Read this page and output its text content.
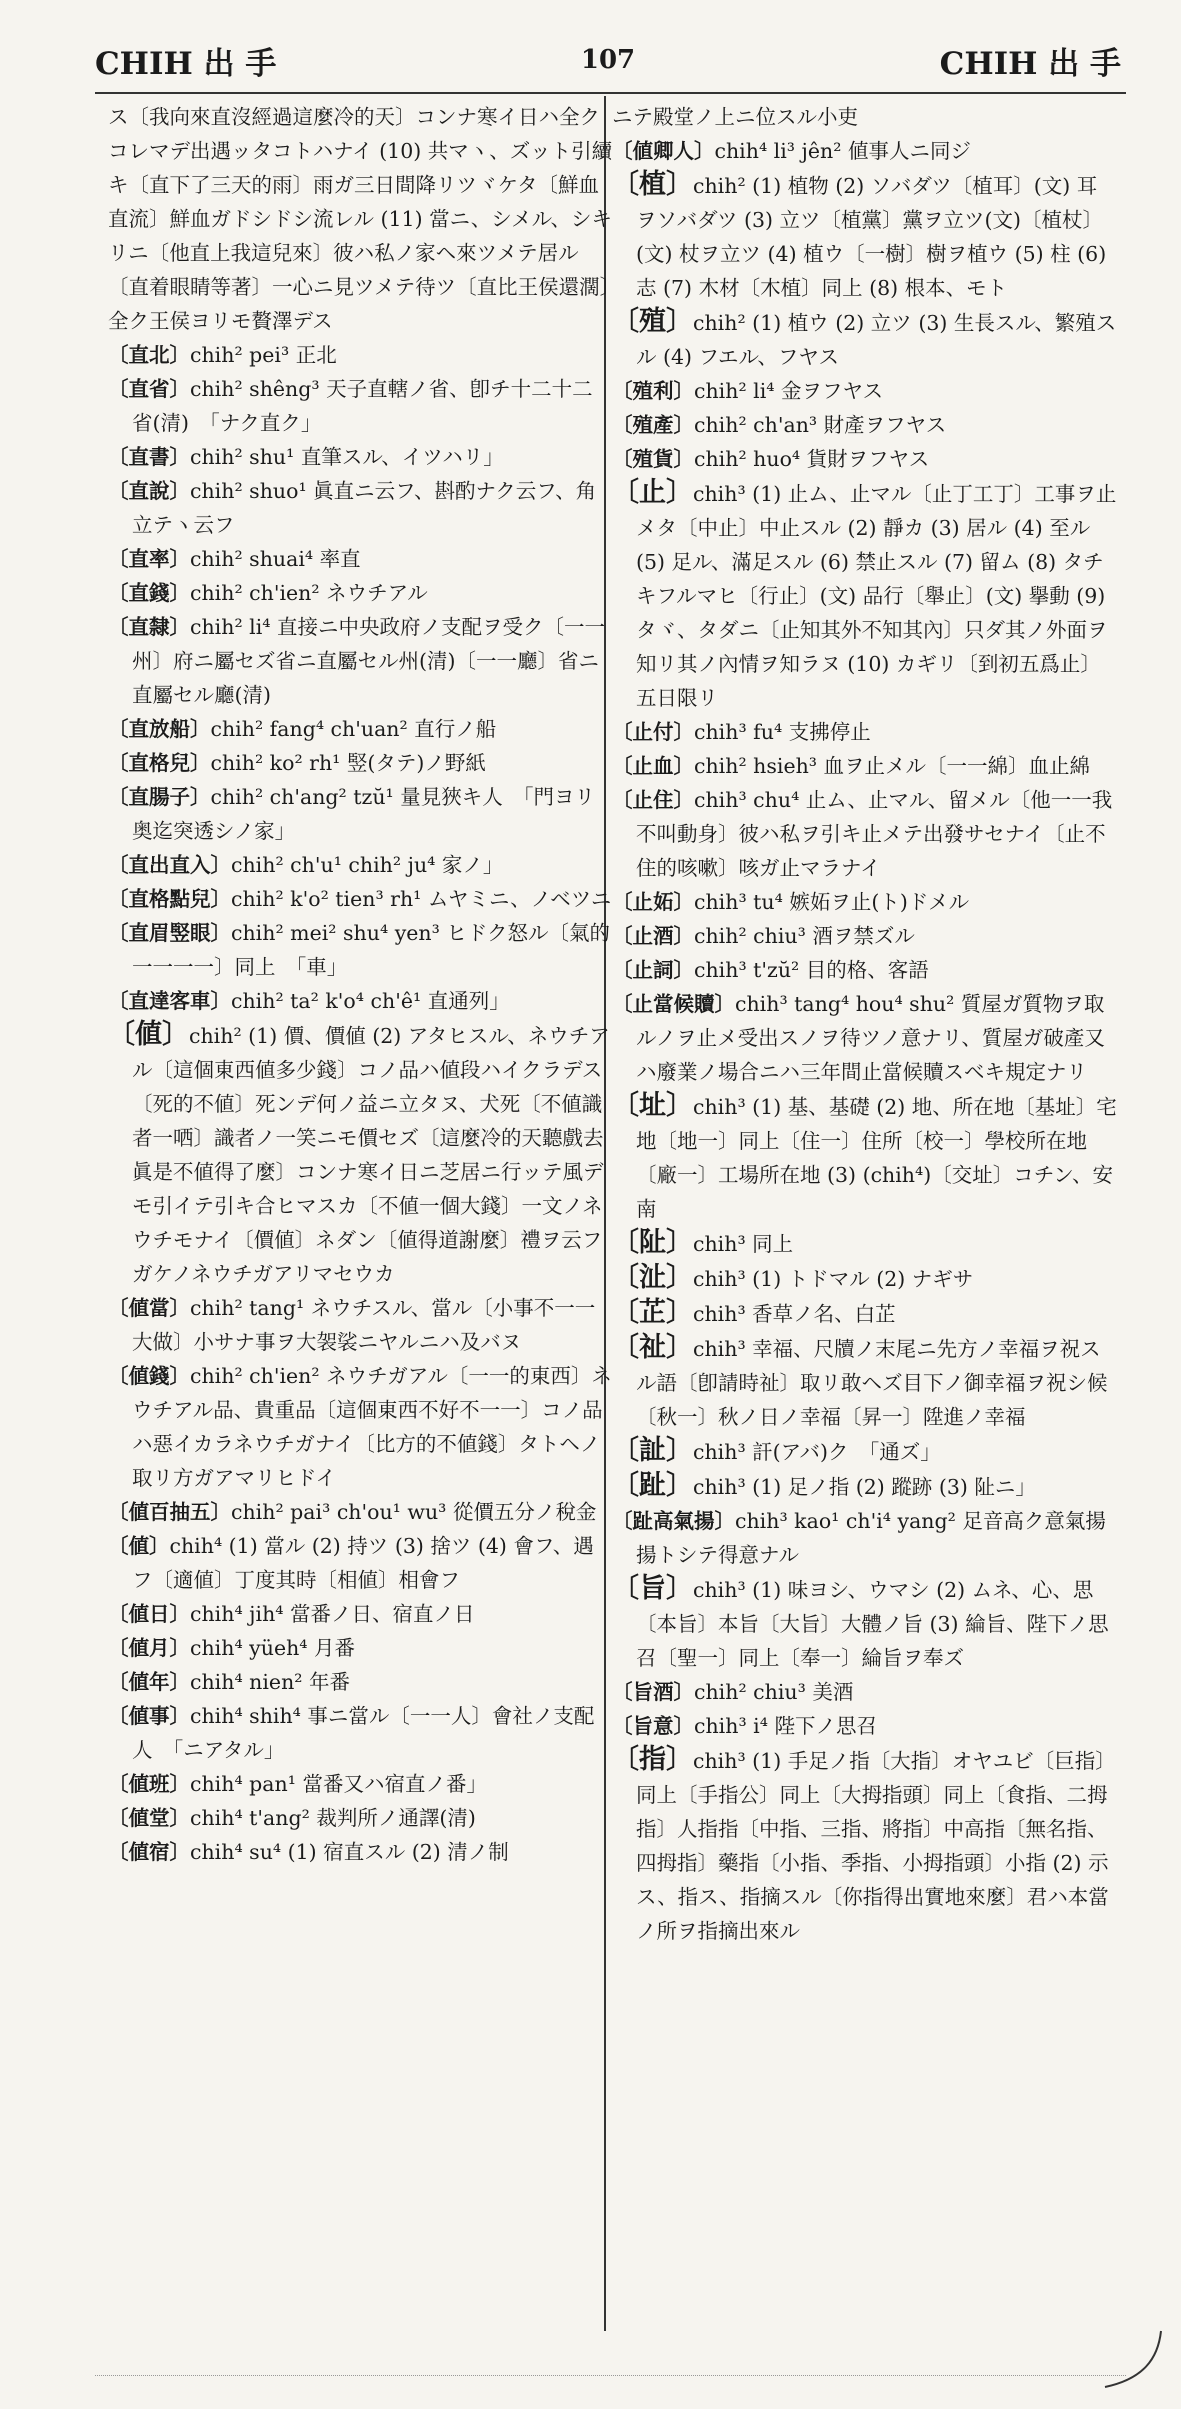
CHIH 出 手	107	CHIH 出 手

ス〔我向來直沒經過這麼冷的天〕コンナ寒イ日ハ全クコレマデ出遇ッタコトハナイ (10) 共マヽ、ズット引續キ〔直下了三天的雨〕雨ガ三日間降リツヾケタ〔鮮血直流〕鮮血ガドシドシ流レル (11) 當ニ、シメル、シキリニ〔他直上我這兒來〕彼ハ私ノ家ヘ來ツメテ居ル　〔直着眼睛等著〕一心ニ見ツメテ待ツ〔直比王侯還濶〕全ク王侯ヨリモ贅澤デス

〔直北〕chih² pei³ 正北

〔直省〕chih² shêng³ 天子直轄ノ省、卽チ十二十二省(清)　「ナク直ク」

〔直書〕chih² shu¹ 直筆スル、イツハリ」

〔直說〕chih² shuo¹ 眞直ニ云フ、斟酌ナク云フ、角立テヽ云フ

〔直率〕chih² shuai⁴ 率直

〔直錢〕chih² ch'ien² ネウチアル

〔直隸〕chih² li⁴ 直接ニ中央政府ノ支配ヲ受ク〔一一州〕府ニ屬セズ省ニ直屬セル州(清)〔一一廳〕省ニ直屬セル廳(清)

〔直放船〕chih² fang⁴ ch'uan² 直行ノ船

〔直格兒〕chih² ko² rh¹ 竪(タテ)ノ野紙

〔直腸子〕chih² ch'ang² tzŭ¹ 量見狹キ人　「門ヨリ奥迄突透シノ家」

〔直出直入〕chih² ch'u¹ chih² ju⁴ 家ノ」

〔直格點兒〕chih² k'o² tien³ rh¹ ムヤミニ、ノベツニ

〔直眉竪眼〕chih² mei² shu⁴ yen³ ヒドク怒ル〔氣的一一一一〕同上　「車」

〔直達客車〕chih² ta² k'o⁴ ch'ê¹ 直通列」

〔値〕chih² (1) 價、價値 (2) アタヒスル、ネウチアル〔這個東西値多少錢〕コノ品ハ値段ハイクラデス　〔死的不値〕死ンデ何ノ益ニ立タヌ、犬死〔不値識者一哂〕識者ノ一笑ニモ價セズ〔這麼冷的天聽戲去眞是不値得了麼〕コンナ寒イ日ニ芝居ニ行ッテ風デモ引イテ引キ合ヒマスカ〔不値一個大錢〕一文ノネウチモナイ〔價値〕ネダン〔値得道謝麼〕禮ヲ云フガケノネウチガアリマセウカ

〔値當〕chih² tang¹ ネウチスル、當ル〔小事不一一大做〕小サナ事ヲ大袈裟ニヤルニハ及バヌ

〔値錢〕chih² ch'ien² ネウチガアル〔一一的東西〕ネウチアル品、貴重品〔這個東西不好不一一〕コノ品ハ惡イカラネウチガナイ〔比方的不値錢〕タトヘノ取リ方ガアマリヒドイ

〔値百抽五〕chih² pai³ ch'ou¹ wu³ 從價五分ノ稅金

〔値〕chih⁴ (1) 當ル (2) 持ツ (3) 捨ツ (4) 會フ、遇フ〔適値〕丁度其時〔相値〕相會フ

〔値日〕chih⁴ jih⁴ 當番ノ日、宿直ノ日

〔値月〕chih⁴ yüeh⁴ 月番

〔値年〕chih⁴ nien² 年番

〔値事〕chih⁴ shih⁴ 事ニ當ル〔一一人〕會社ノ支配人　「ニアタル」

〔値班〕chih⁴ pan¹ 當番又ハ宿直ノ番」

〔値堂〕chih⁴ t'ang² 裁判所ノ通譯(清)

〔値宿〕chih⁴ su⁴ (1) 宿直スル (2) 清ノ制

ニテ殿堂ノ上ニ位スル小吏

〔値卿人〕chih⁴ li³ jên² 値事人ニ同ジ

〔植〕chih² (1) 植物 (2) ソバダツ〔植耳〕(文) 耳ヲソバダツ (3) 立ツ〔植黨〕黨ヲ立ツ(文)〔植杖〕(文) 杖ヲ立ツ (4) 植ウ〔一樹〕樹ヲ植ウ (5) 柱 (6) 志 (7) 木材〔木植〕同上 (8) 根本、モト

〔殖〕chih² (1) 植ウ (2) 立ツ (3) 生長スル、繁殖スル (4) フエル、フヤス

〔殖利〕chih² li⁴ 金ヲフヤス

〔殖產〕chih² ch'an³ 財產ヲフヤス

〔殖貨〕chih² huo⁴ 貨財ヲフヤス

〔止〕chih³ (1) 止ム、止マル〔止丁工丁〕工事ヲ止メタ〔中止〕中止スル (2) 靜カ (3) 居ル (4) 至ル (5) 足ル、滿足スル (6) 禁止スル (7) 留ム (8) タチキフルマヒ〔行止〕(文) 品行〔舉止〕(文) 擧動 (9) タヾ、タダニ〔止知其外不知其內〕只ダ其ノ外面ヲ知リ其ノ內情ヲ知ラヌ (10) カギリ〔到初五爲止〕五日限リ

〔止付〕chih³ fu⁴ 支拂停止

〔止血〕chih² hsieh³ 血ヲ止メル〔一一綿〕血止綿

〔止住〕chih³ chu⁴ 止ム、止マル、留メル〔他一一我不叫動身〕彼ハ私ヲ引キ止メテ出發サセナイ〔止不住的咳嗽〕咳ガ止マラナイ

〔止妬〕chih³ tu⁴ 嫉妬ヲ止(ト)ドメル

〔止酒〕chih² chiu³ 酒ヲ禁ズル

〔止詞〕chih³ t'zŭ² 目的格、客語

〔止當候贖〕chih³ tang⁴ hou⁴ shu² 質屋ガ質物ヲ取ルノヲ止メ受出スノヲ待ツノ意ナリ、質屋ガ破產又ハ廢業ノ場合ニハ三年間止當候贖スベキ規定ナリ

〔址〕chih³ (1) 基、基礎 (2) 地、所在地〔基址〕宅地〔地一〕同上〔住一〕住所〔校一〕學校所在地〔廠一〕工場所在地 (3) (chih⁴)〔交址〕コチン、安南

〔阯〕chih³ 同上

〔沚〕chih³ (1) トドマル (2) ナギサ

〔芷〕chih³ 香草ノ名、白芷

〔祉〕chih³ 幸福、尺牘ノ末尾ニ先方ノ幸福ヲ祝スル語〔卽請時祉〕取リ敢ヘズ目下ノ御幸福ヲ祝シ候〔秋一〕秋ノ日ノ幸福〔昇一〕陞進ノ幸福

〔訨〕chih³ 訐(アバ)ク　「通ズ」

〔趾〕chih³ (1) 足ノ指 (2) 蹤跡 (3) 阯ニ」

〔趾高氣揚〕chih³ kao¹ ch'i⁴ yang² 足音高ク意氣揚揚トシテ得意ナル

〔旨〕chih³ (1) 味ヨシ、ウマシ (2) ムネ、心、思〔本旨〕本旨〔大旨〕大體ノ旨 (3) 綸旨、陛下ノ思召〔聖一〕同上〔奉一〕綸旨ヲ奉ズ

〔旨酒〕chih² chiu³ 美酒

〔旨意〕chih³ i⁴ 陛下ノ思召

〔指〕chih³ (1) 手足ノ指〔大指〕オヤユビ〔巨指〕同上〔手指公〕同上〔大拇指頭〕同上〔食指、二拇指〕人指指〔中指、三指、將指〕中高指〔無名指、四拇指〕藥指〔小指、季指、小拇指頭〕小指 (2) 示ス、指ス、指摘スル〔你指得出實地來麼〕君ハ本當ノ所ヲ指摘出來ル
